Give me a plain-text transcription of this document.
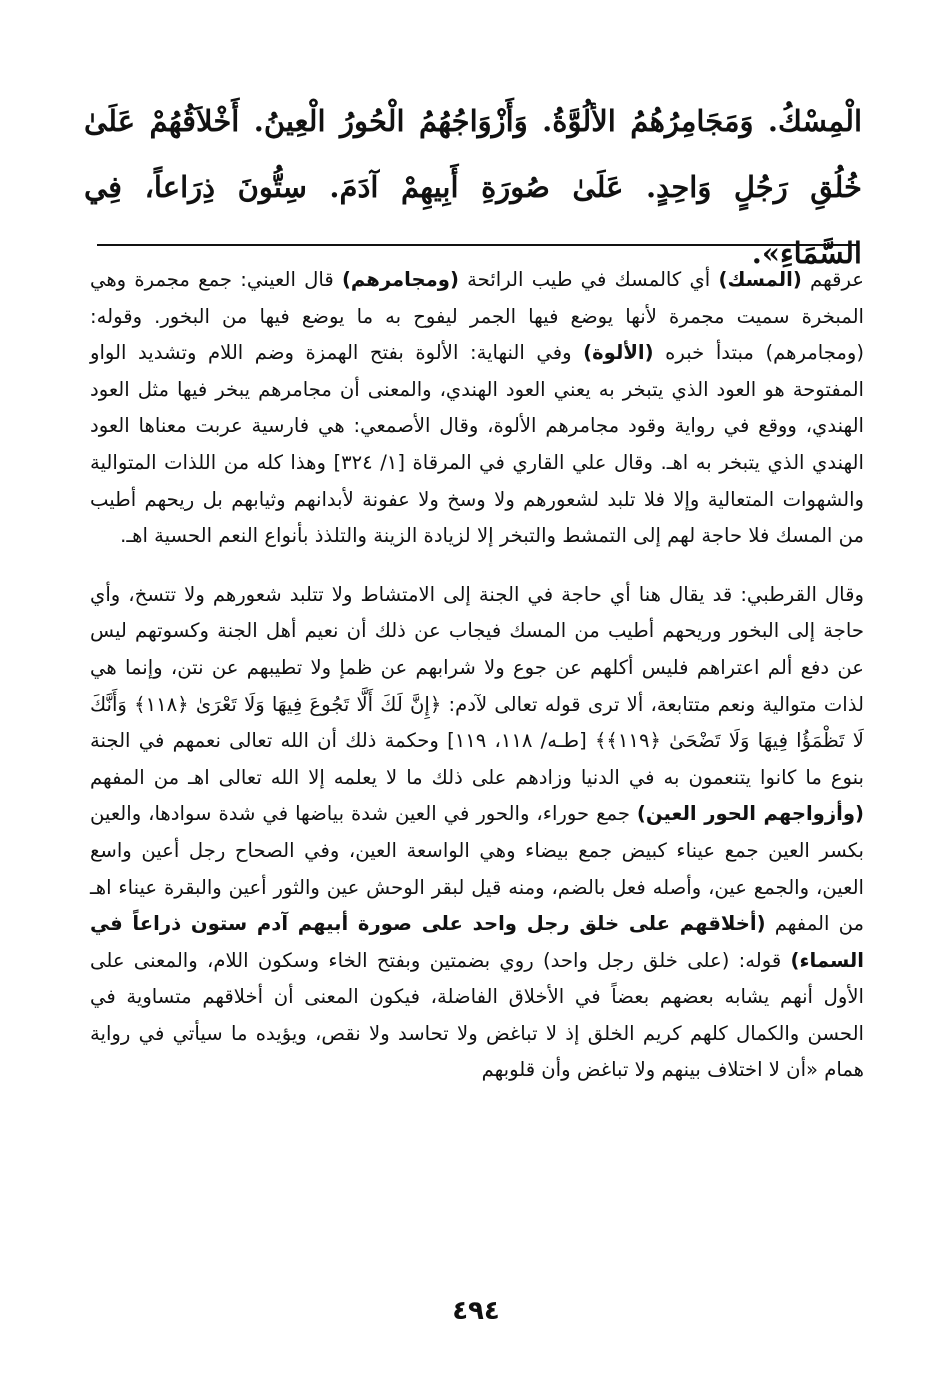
الْمِسْكُ. وَمَجَامِرُهُمُ الألُوَّةُ. وَأَزْوَاجُهُمُ الْحُورُ الْعِينُ. أَخْلاَقُهُمْ عَلَىٰ خُلُقِ رَجُلٍ وَاحِدٍ. عَلَىٰ صُورَةِ أَبِيهِمْ آدَمَ. سِتُّونَ ذِرَاعاً، فِي السَّمَاءِ».

عرقهم (المسك) أي كالمسك في طيب الرائحة (ومجامرهم) قال العيني: جمع مجمرة وهي المبخرة سميت مجمرة لأنها يوضع فيها الجمر ليفوح به ما يوضع فيها من البخور. وقوله: (ومجامرهم) مبتدأ خبره (الألوة) وفي النهاية: الألوة بفتح الهمزة وضم اللام وتشديد الواو المفتوحة هو العود الذي يتبخر به يعني العود الهندي، والمعنى أن مجامرهم يبخر فيها مثل العود الهندي، ووقع في رواية وقود مجامرهم الألوة، وقال الأصمعي: هي فارسية عربت معناها العود الهندي الذي يتبخر به اهـ. وقال علي القاري في المرقاة [١/ ٣٢٤] وهذا كله من اللذات المتوالية والشهوات المتعالية وإلا فلا تلبد لشعورهم ولا وسخ ولا عفونة لأبدانهم وثيابهم بل ريحهم أطيب من المسك فلا حاجة لهم إلى التمشط والتبخر إلا لزيادة الزينة والتلذذ بأنواع النعم الحسية اهـ.

وقال القرطبي: قد يقال هنا أي حاجة في الجنة إلى الامتشاط ولا تتلبد شعورهم ولا تتسخ، وأي حاجة إلى البخور وريحهم أطيب من المسك فيجاب عن ذلك أن نعيم أهل الجنة وكسوتهم ليس عن دفع ألم اعتراهم فليس أكلهم عن جوع ولا شرابهم عن ظمإ ولا تطيبهم عن نتن، وإنما هي لذات متوالية ونعم متتابعة، ألا ترى قوله تعالى لآدم: ﴿إِنَّ لَكَ أَلَّا تَجُوعَ فِيهَا وَلَا تَعْرَىٰ ﴿١١٨﴾ وَأَنَّكَ لَا تَظْمَؤُا فِيهَا وَلَا تَضْحَىٰ ﴿١١٩﴾﴾ [طـه/ ١١٨، ١١٩] وحكمة ذلك أن الله تعالى نعمهم في الجنة بنوع ما كانوا يتنعمون به في الدنيا وزادهم على ذلك ما لا يعلمه إلا الله تعالى اهـ من المفهم (وأزواجهم الحور العين) جمع حوراء، والحور في العين شدة بياضها في شدة سوادها، والعين بكسر العين جمع عيناء كبيض جمع بيضاء وهي الواسعة العين، وفي الصحاح رجل أعين واسع العين، والجمع عين، وأصله فعل بالضم، ومنه قيل لبقر الوحش عين والثور أعين والبقرة عيناء اهـ من المفهم (أخلاقهم على خلق رجل واحد على صورة أبيهم آدم ستون ذراعاً في السماء) قوله: (على خلق رجل واحد) روي بضمتين وبفتح الخاء وسكون اللام، والمعنى على الأول أنهم يشابه بعضهم بعضاً في الأخلاق الفاضلة، فيكون المعنى أن أخلاقهم متساوية في الحسن والكمال كلهم كريم الخلق إذ لا تباغض ولا تحاسد ولا نقص، ويؤيده ما سيأتي في رواية همام «أن لا اختلاف بينهم ولا تباغض وأن قلوبهم

٤٩٤
